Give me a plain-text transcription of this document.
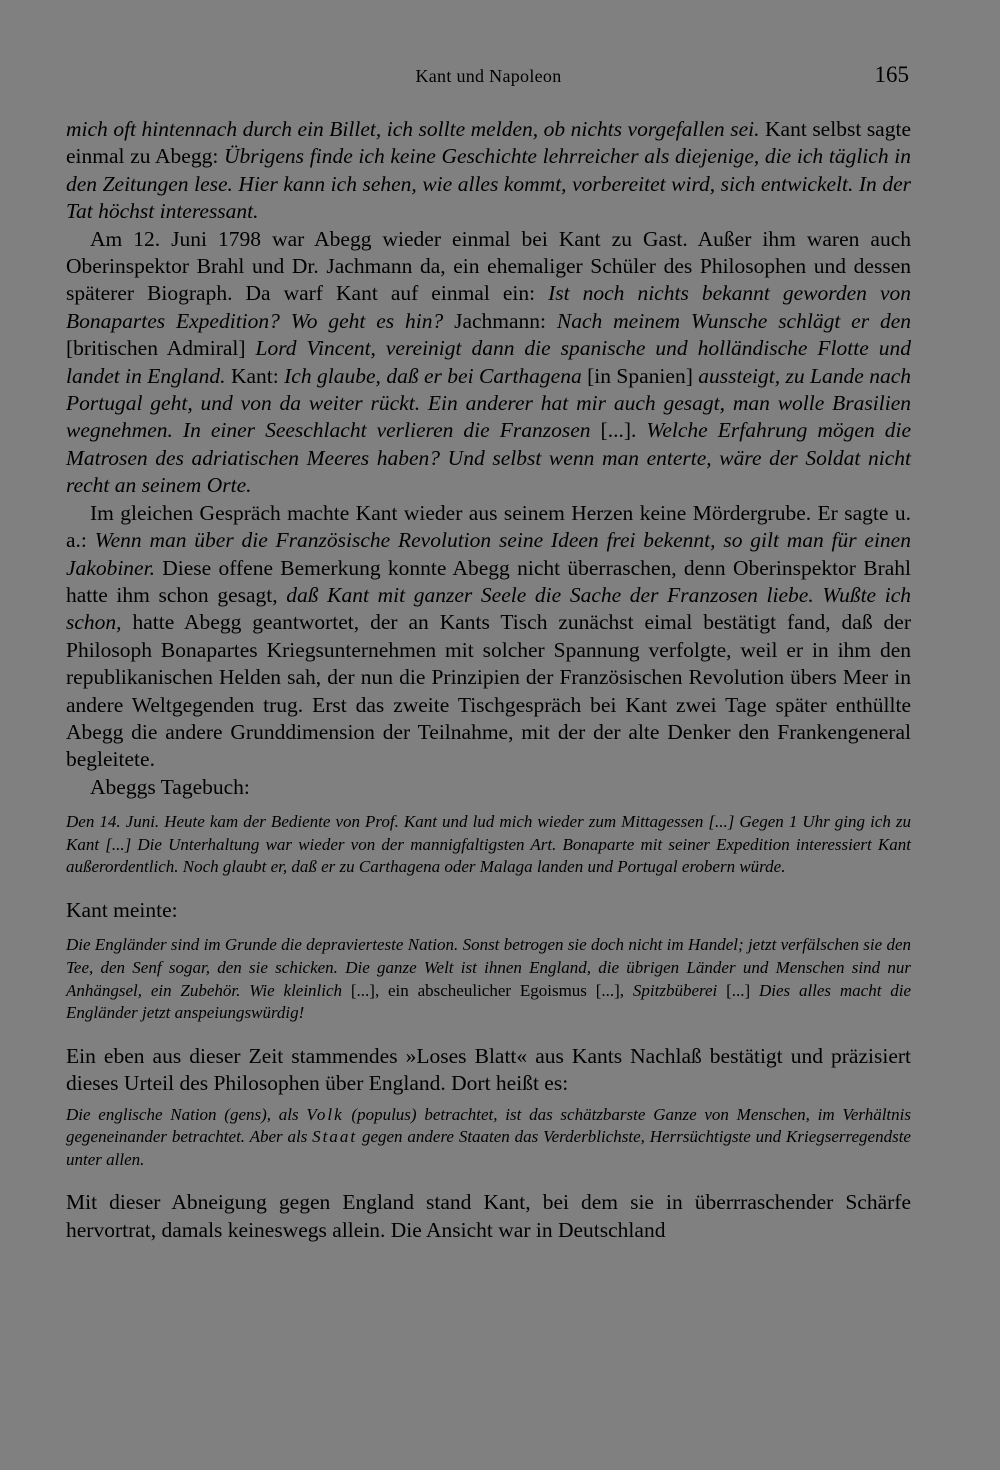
Kant und Napoleon	165

mich oft hintennach durch ein Billet, ich sollte melden, ob nichts vorgefallen sei. Kant selbst sagte einmal zu Abegg: Übrigens finde ich keine Geschichte lehrreicher als diejenige, die ich täglich in den Zeitungen lese. Hier kann ich sehen, wie alles kommt, vorbereitet wird, sich entwickelt. In der Tat höchst interessant.

Am 12. Juni 1798 war Abegg wieder einmal bei Kant zu Gast. Außer ihm waren auch Oberinspektor Brahl und Dr. Jachmann da, ein ehemaliger Schüler des Philosophen und dessen späterer Biograph. Da warf Kant auf einmal ein: Ist noch nichts bekannt geworden von Bonapartes Expedition? Wo geht es hin? Jachmann: Nach meinem Wunsche schlägt er den [britischen Admiral] Lord Vincent, vereinigt dann die spanische und holländische Flotte und landet in England. Kant: Ich glaube, daß er bei Carthagena [in Spanien] aussteigt, zu Lande nach Portugal geht, und von da weiter rückt. Ein anderer hat mir auch gesagt, man wolle Brasilien wegnehmen. In einer Seeschlacht verlieren die Franzosen [...]. Welche Erfahrung mögen die Matrosen des adriatischen Meeres haben? Und selbst wenn man enterte, wäre der Soldat nicht recht an seinem Orte.

Im gleichen Gespräch machte Kant wieder aus seinem Herzen keine Mördergrube. Er sagte u. a.: Wenn man über die Französische Revolution seine Ideen frei bekennt, so gilt man für einen Jakobiner. Diese offene Bemerkung konnte Abegg nicht überraschen, denn Oberinspektor Brahl hatte ihm schon gesagt, daß Kant mit ganzer Seele die Sache der Franzosen liebe. Wußte ich schon, hatte Abegg geantwortet, der an Kants Tisch zunächst eimal bestätigt fand, daß der Philosoph Bonapartes Kriegsunternehmen mit solcher Spannung verfolgte, weil er in ihm den republikanischen Helden sah, der nun die Prinzipien der Französischen Revolution übers Meer in andere Weltgegenden trug. Erst das zweite Tischgespräch bei Kant zwei Tage später enthüllte Abegg die andere Grunddimension der Teilnahme, mit der der alte Denker den Frankengeneral begleitete.

Abeggs Tagebuch:

Den 14. Juni. Heute kam der Bediente von Prof. Kant und lud mich wieder zum Mittagessen [...] Gegen 1 Uhr ging ich zu Kant [...] Die Unterhaltung war wieder von der mannigfaltigsten Art. Bonaparte mit seiner Expedition interessiert Kant außerordentlich. Noch glaubt er, daß er zu Carthagena oder Malaga landen und Portugal erobern würde.

Kant meinte:

Die Engländer sind im Grunde die depravierteste Nation. Sonst betrogen sie doch nicht im Handel; jetzt verfälschen sie den Tee, den Senf sogar, den sie schicken. Die ganze Welt ist ihnen England, die übrigen Länder und Menschen sind nur Anhängsel, ein Zubehör. Wie kleinlich [...], ein abscheulicher Egoismus [...], Spitzbüberei [...] Dies alles macht die Engländer jetzt anspeiungswürdig!

Ein eben aus dieser Zeit stammendes »Loses Blatt« aus Kants Nachlaß bestätigt und präzisiert dieses Urteil des Philosophen über England. Dort heißt es:

Die englische Nation (gens), als Volk (populus) betrachtet, ist das schätzbarste Ganze von Menschen, im Verhältnis gegeneinander betrachtet. Aber als Staat gegen andere Staaten das Verderblichste, Herrsüchtigste und Kriegserregendste unter allen.

Mit dieser Abneigung gegen England stand Kant, bei dem sie in überrraschender Schärfe hervortrat, damals keineswegs allein. Die Ansicht war in Deutschland
